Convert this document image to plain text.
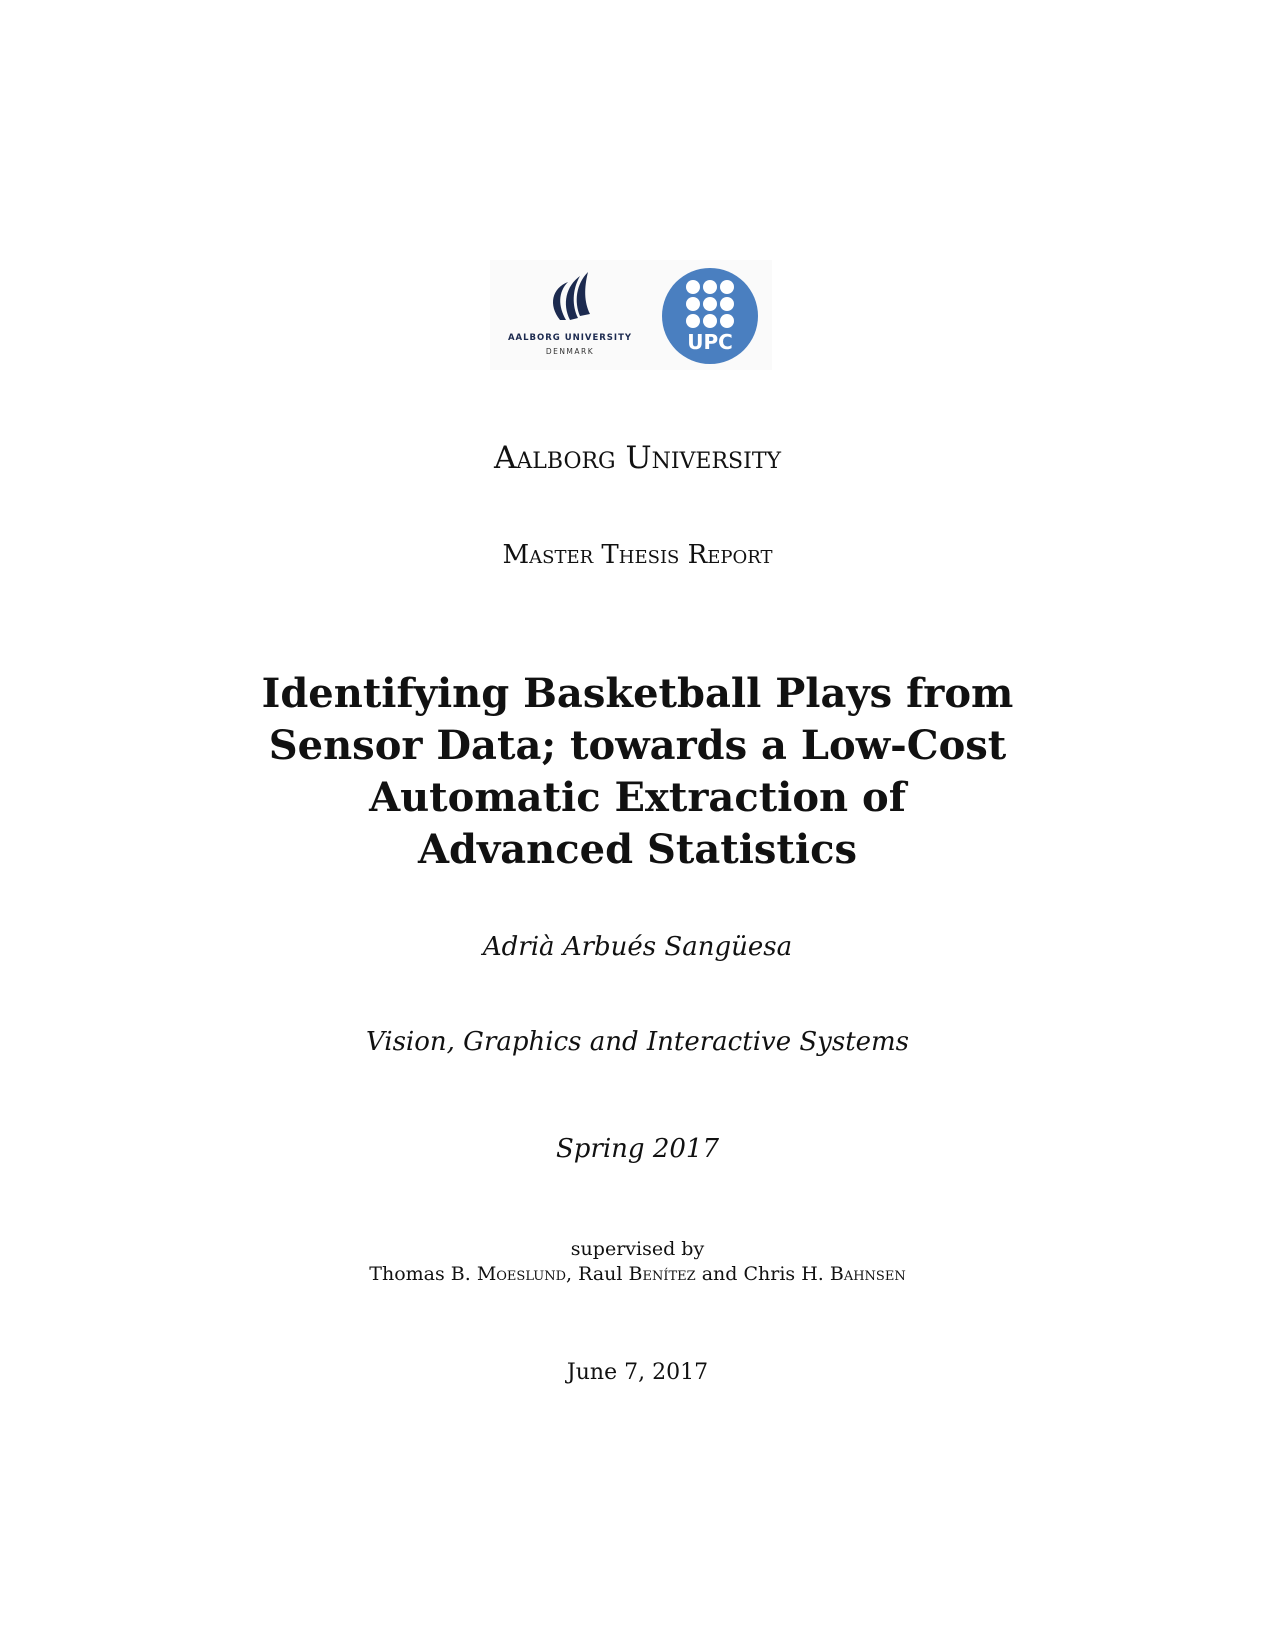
AALBORG UNIVERSITY
DENMARK	UPC
Aalborg University
Master Thesis Report
Identifying Basketball Plays from
Sensor Data; towards a Low-Cost
Automatic Extraction of
Advanced Statistics
Adrià Arbués Sangüesa
Vision, Graphics and Interactive Systems
Spring 2017
supervised by
Thomas B. Moeslund, Raul Benítez and Chris H. Bahnsen
June 7, 2017
